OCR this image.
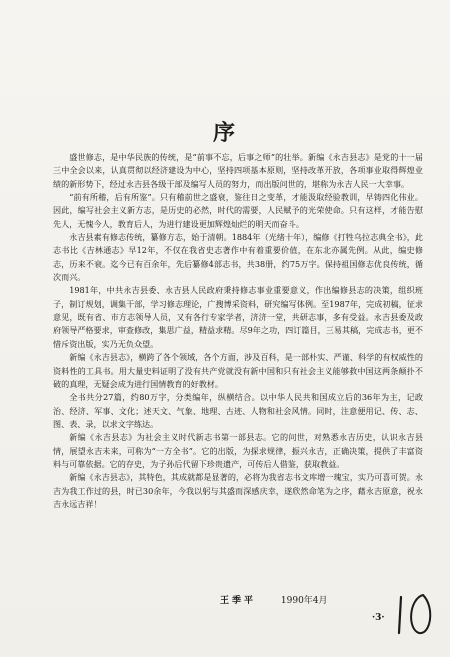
序

盛世修志，是中华民族的传统，是“前事不忘，后事之师”的壮举。新编《永吉县志》是党的十一届三中全会以来，认真贯彻以经济建设为中心，坚持四项基本原则，坚持改革开放，各项事业取得辉煌业绩的新形势下，经过永吉县各级干部及编写人员的努力，而出版问世的，堪称为永吉人民一大幸事。

“前有所稽，后有所鉴”。只有稽前世之盛衰，鉴往日之变革，才能汲取经验教训，早铸四化伟业。因此，编写社会主义新方志，是历史的必然，时代的需要，人民赋予的光荣使命。只有这样，才能告慰先人，无愧今人，教育后人，为进行建设更加辉煌灿烂的明天而奋斗。

永吉县素有修志传统，纂修方志，始于清朝。1884年（光绪十年），编修《打牲乌拉志典全书》，此志书比《吉林通志》早12年，不仅在我省史志著作中有着重要价值，在东北亦属先例。从此，编史修志，历来不衰。迄今已有百余年，先后纂修4部志书，共38册，约75万字。保持祖国修志优良传统，循次而兴。

1981年，中共永吉县委、永吉县人民政府秉持修志事业重要意义，作出编修县志的决策，组织班子，制订规划，调集干部，学习修志理论，广搜博采资料，研究编写体例。至1987年，完成初稿，征求意见，既有省、市方志领导人员，又有各行专家学者，济济一堂，共研志事，多有受益。永吉县委及政府领导严格要求，审查修改，集思广益，精益求精。尽9年之功，四订篇目，三易其稿，完成志书，更不惜斥资出版，实乃无负众望。

新编《永吉县志》，横跨了各个领域，各个方面，涉及百科，是一部朴实、严谨、科学的有权威性的资料性的工具书。用大量史料证明了没有共产党就没有新中国和只有社会主义能够救中国这两条颠扑不破的真理，无疑会成为进行国情教育的好教材。

全书共分27篇，约80万字，分类编年，纵横结合。以中华人民共和国成立后的36年为主，记政治、经济、军事、文化；述天文、气象、地理、古迹、人物和社会风情。同时，注意便用记、传、志、图、表、录，以求文字练达。

新编《永吉县志》为社会主义时代新志书第一部县志。它的问世，对熟悉永吉历史，认识永吉县情，展望永吉未来，可称为“一方全书”。它的出版，为探求规律，振兴永吉，正确决策，提供了丰富资料与可靠依据。它的存史，为子孙后代留下珍贵遗产，可传后人借鉴，获取教益。

新编《永吉县志》，其特色，其成就都是显著的，必将为我省志书文库增一瑰宝，实乃可喜可贺。永吉为我工作过的县，时已30余年，今我以躬与其盛而深感庆幸，遂欣然命笔为之序，藉永吉原意，祝永吉永远吉祥！

王季平	1990年4月
·3·
